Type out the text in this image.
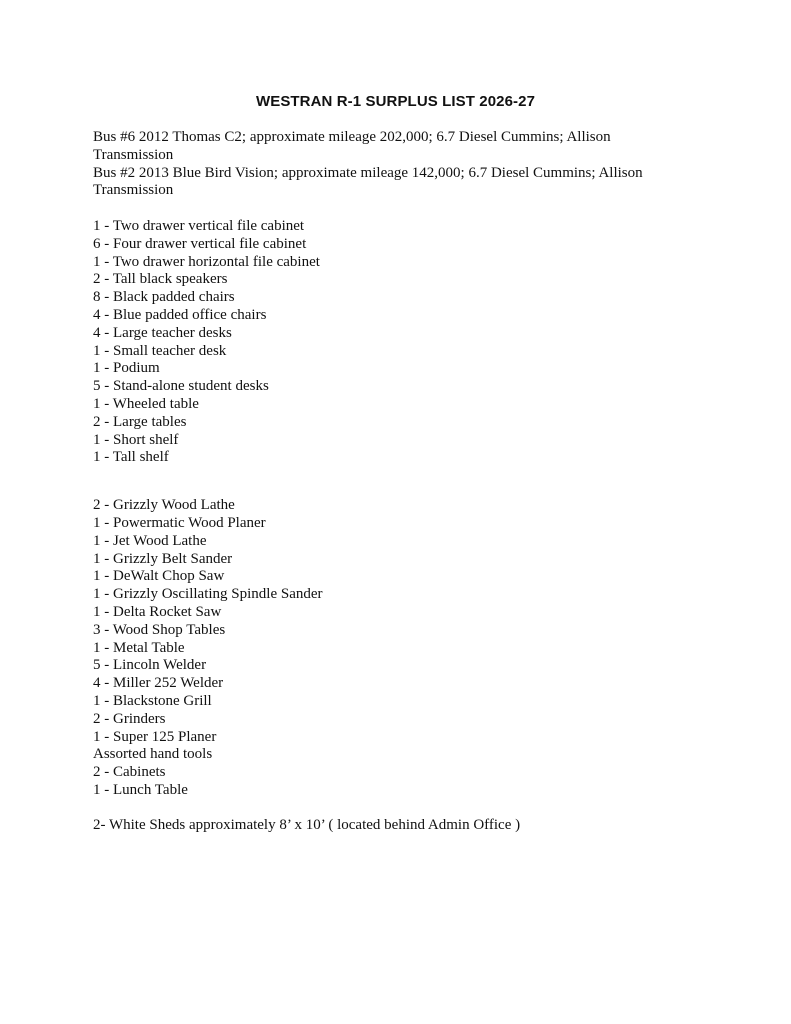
WESTRAN R-1 SURPLUS LIST 2026-27
Bus #6 2012 Thomas C2; approximate mileage 202,000; 6.7 Diesel Cummins; Allison
Transmission
Bus #2 2013 Blue Bird Vision; approximate mileage 142,000; 6.7 Diesel Cummins; Allison
Transmission
1 - Two drawer vertical file cabinet
6 - Four drawer vertical file cabinet
1 - Two drawer horizontal file cabinet
2 - Tall black speakers
8 - Black padded chairs
4 - Blue padded office chairs
4 - Large teacher desks
1 - Small teacher desk
1 - Podium
5 - Stand-alone student desks
1 - Wheeled table
2 - Large tables
1 - Short shelf
1 - Tall shelf
2 - Grizzly Wood Lathe
1 - Powermatic Wood Planer
1 - Jet Wood Lathe
1 - Grizzly Belt Sander
1 - DeWalt Chop Saw
1 - Grizzly Oscillating Spindle Sander
1 - Delta Rocket Saw
3 - Wood Shop Tables
1 - Metal Table
5 - Lincoln Welder
4 - Miller 252 Welder
1 - Blackstone Grill
2 - Grinders
1 - Super 125 Planer
Assorted hand tools
2 - Cabinets
1 - Lunch Table
2- White Sheds approximately 8’ x 10’ ( located behind Admin Office )
